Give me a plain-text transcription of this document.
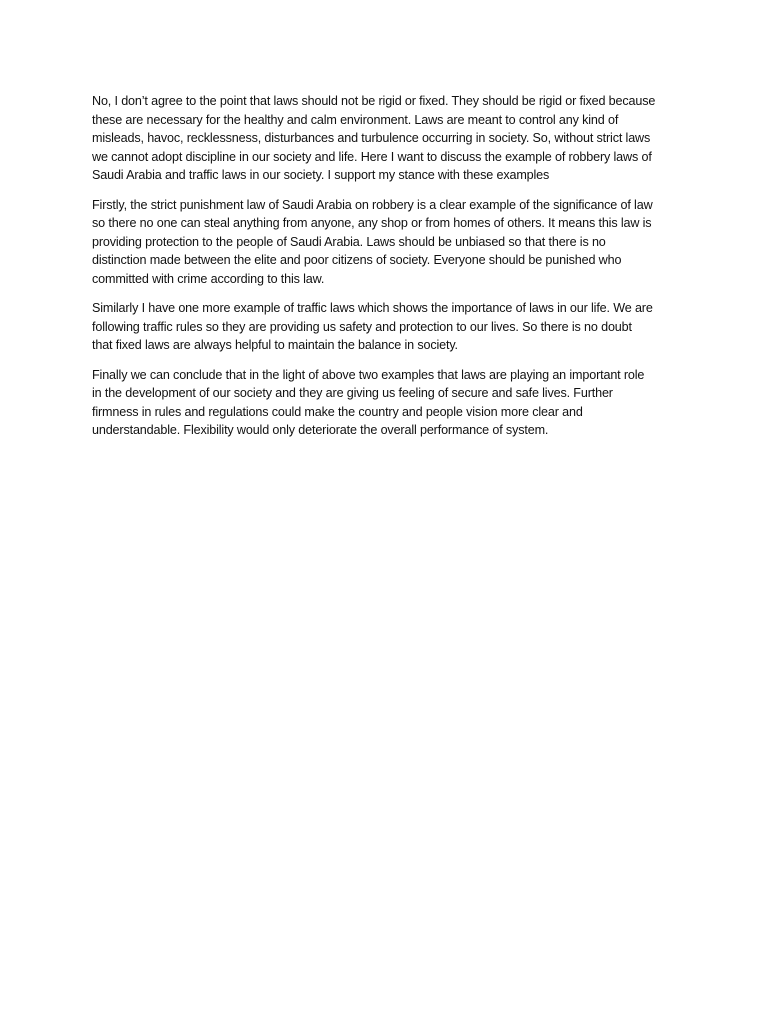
No, I don’t agree to the point that laws should not be rigid or fixed. They should be rigid or fixed because
these are necessary for the healthy and calm environment. Laws are meant to control any kind of
misleads, havoc, recklessness, disturbances and turbulence occurring in society. So, without strict laws
we cannot adopt discipline in our society and life. Here I want to discuss the example of robbery laws of
Saudi Arabia and traffic laws in our society. I support my stance with these examples

Firstly, the strict punishment law of Saudi Arabia on robbery is a clear example of the significance of law
so there no one can steal anything from anyone, any shop or from homes of others. It means this law is
providing protection to the people of Saudi Arabia. Laws should be unbiased so that there is no
distinction made between the elite and poor citizens of society. Everyone should be punished who
committed with crime according to this law.

Similarly I have one more example of traffic laws which shows the importance of laws in our life. We are
following traffic rules so they are providing us safety and protection to our lives. So there is no doubt
that fixed laws are always helpful to maintain the balance in society.

Finally we can conclude that in the light of above two examples that laws are playing an important role
in the development of our society and they are giving us feeling of secure and safe lives. Further
firmness in rules and regulations could make the country and people vision more clear and
understandable. Flexibility would only deteriorate the overall performance of system.
